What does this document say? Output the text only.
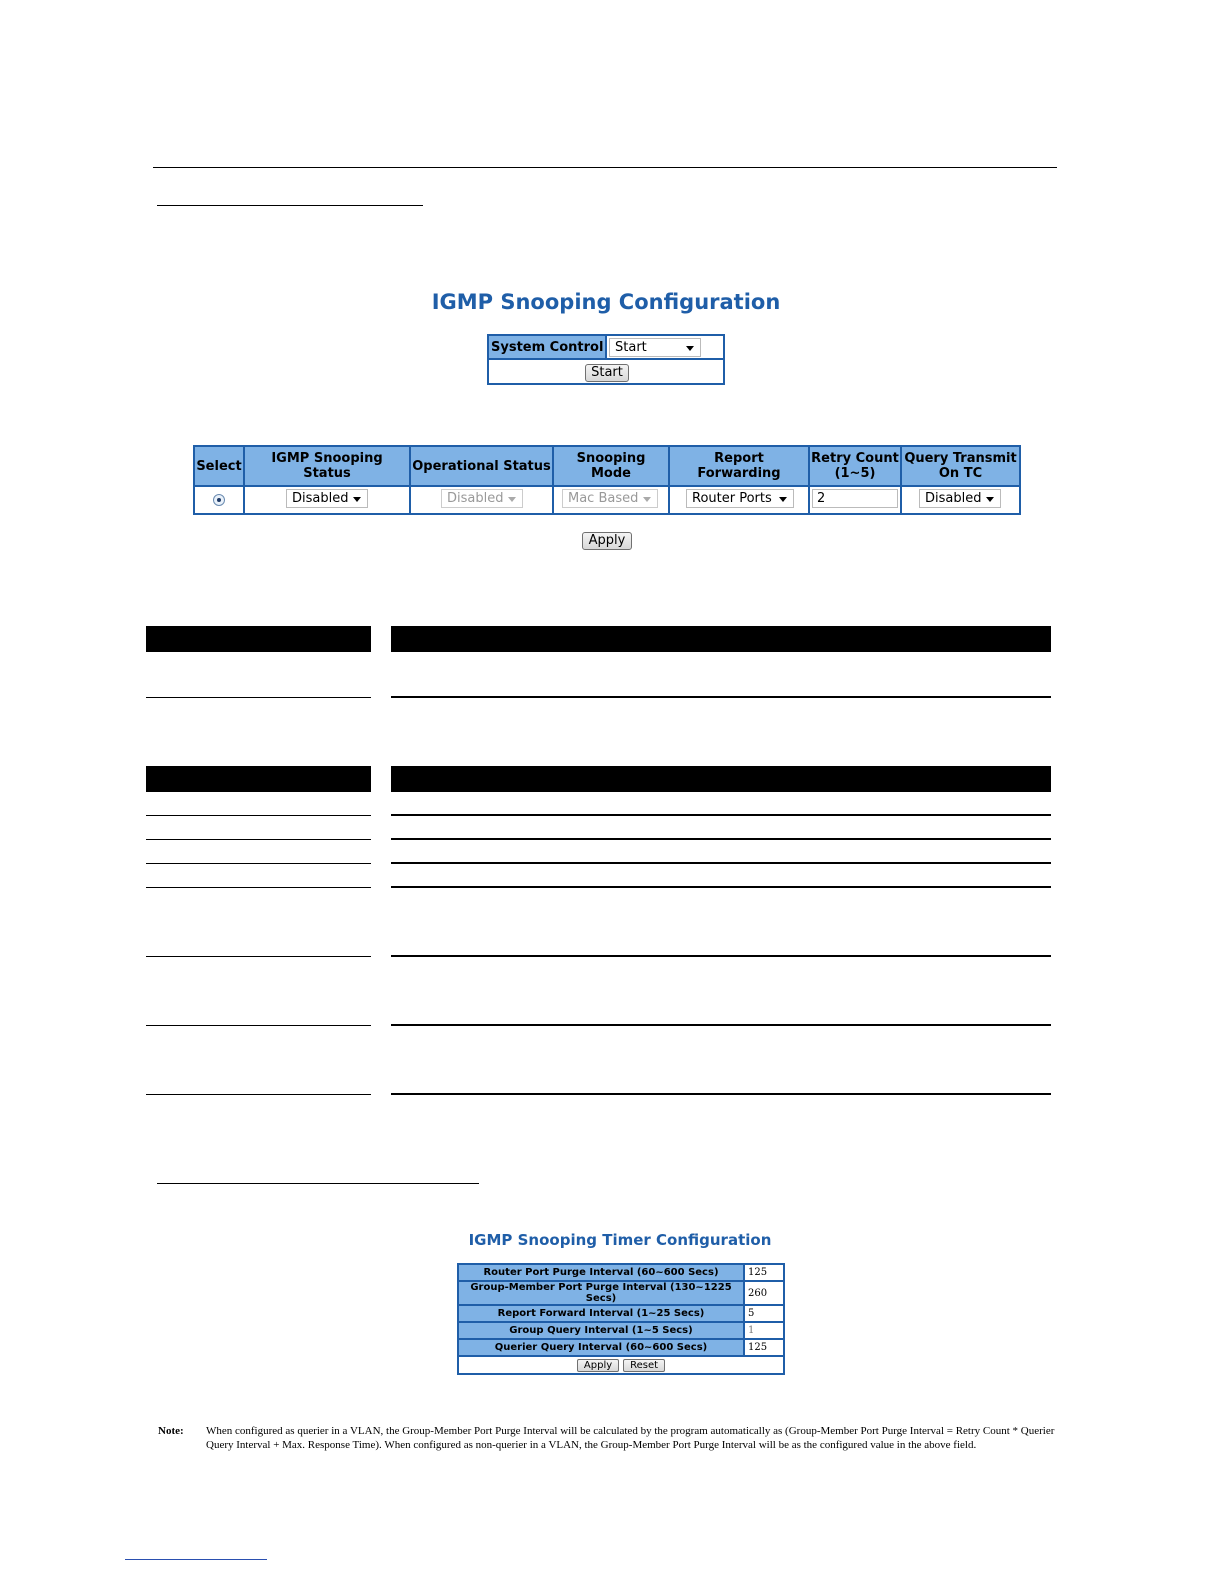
IGMP Snooping Configuration
System Control Start
Start
Select	IGMP Snooping Status	Operational Status	Snooping Mode	Report Forwarding	Retry Count (1~5)	Query Transmit On TC

	Disabled	Disabled	Mac Based	Router Ports	2	Disabled
Apply
IGMP Snooping Timer Configuration
Router Port Purge Interval (60~600 Secs)	125
Group-Member Port Purge Interval (130~1225 Secs)	260
Report Forward Interval (1~25 Secs)	5
Group Query Interval (1~5 Secs)	1
Querier Query Interval (60~600 Secs)	125
Apply Reset	
Note: When configured as querier in a VLAN, the Group-Member Port Purge Interval will be calculated by the program automatically as (Group-Member Port Purge Interval = Retry Count * Querier
Query Interval + Max. Response Time). When configured as non-querier in a VLAN, the Group-Member Port Purge Interval will be as the configured value in the above field.
